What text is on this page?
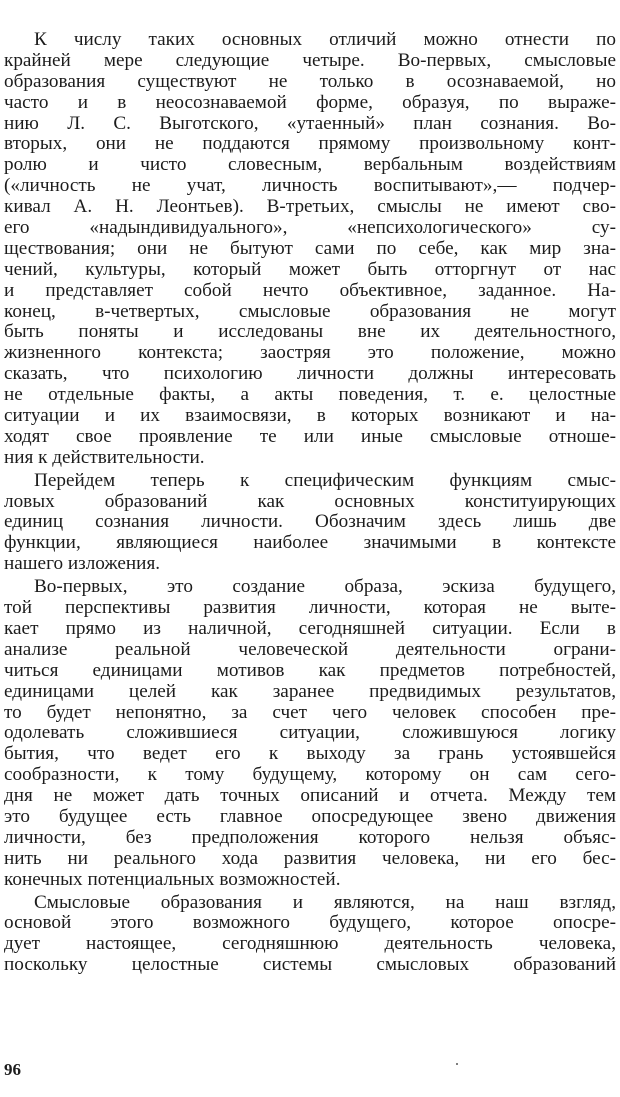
К числу таких основных отличий можно отнести по
крайней мере следующие четыре. Во-первых, смысловые
образования существуют не только в осознаваемой, но
часто и в неосознаваемой форме, образуя, по выраже-
нию Л. С. Выготского, «утаенный» план сознания. Во-
вторых, они не поддаются прямому произвольному конт-
ролю и чисто словесным, вербальным воздействиям
(«личность не учат, личность воспитывают»,— подчер-
кивал А. Н. Леонтьев). В-третьих, смыслы не имеют сво-
его «надындивидуального», «непсихологического» су-
ществования; они не бытуют сами по себе, как мир зна-
чений, культуры, который может быть отторгнут от нас
и представляет собой нечто объективное, заданное. На-
конец, в-четвертых, смысловые образования не могут
быть поняты и исследованы вне их деятельностного,
жизненного контекста; заостряя это положение, можно
сказать, что психологию личности должны интересовать
не отдельные факты, а акты поведения, т. е. целостные
ситуации и их взаимосвязи, в которых возникают и на-
ходят свое проявление те или иные смысловые отноше-
ния к действительности.
Перейдем теперь к специфическим функциям смыс-
ловых образований как основных конституирующих
единиц сознания личности. Обозначим здесь лишь две
функции, являющиеся наиболее значимыми в контексте
нашего изложения.
Во-первых, это создание образа, эскиза будущего,
той перспективы развития личности, которая не выте-
кает прямо из наличной, сегодняшней ситуации. Если в
анализе реальной человеческой деятельности ограни-
читься единицами мотивов как предметов потребностей,
единицами целей как заранее предвидимых результатов,
то будет непонятно, за счет чего человек способен пре-
одолевать сложившиеся ситуации, сложившуюся логику
бытия, что ведет его к выходу за грань устоявшейся
сообразности, к тому будущему, которому он сам сего-
дня не может дать точных описаний и отчета. Между тем
это будущее есть главное опосредующее звено движения
личности, без предположения которого нельзя объяс-
нить ни реального хода развития человека, ни его бес-
конечных потенциальных возможностей.
Смысловые образования и являются, на наш взгляд,
основой этого возможного будущего, которое опосре-
дует настоящее, сегодняшнюю деятельность человека,
поскольку целостные системы смысловых образований
96
